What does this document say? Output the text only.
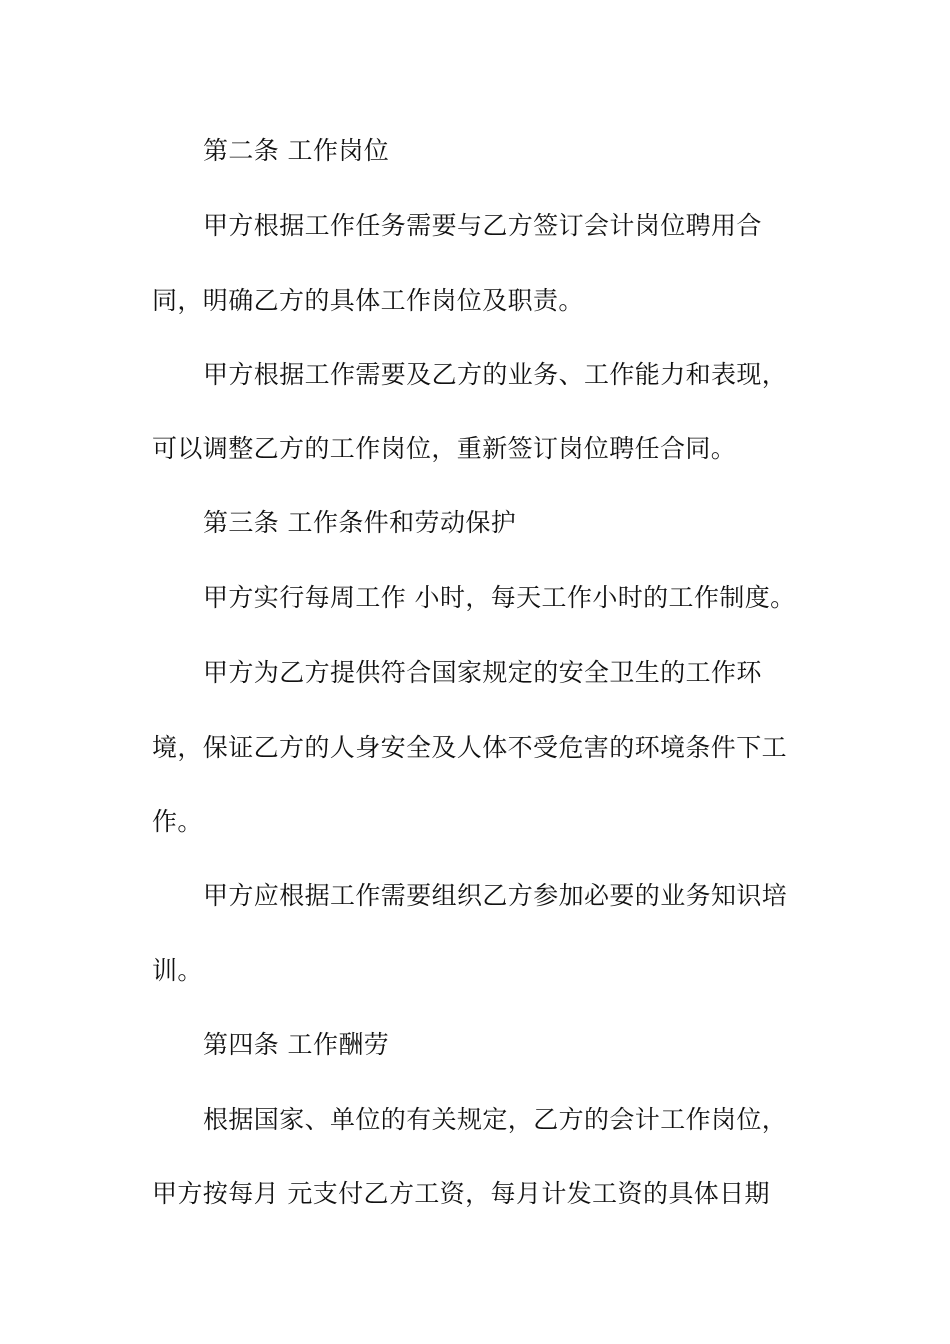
第二条 工作岗位
甲方根据工作任务需要与乙方签订会计岗位聘用合
同，明确乙方的具体工作岗位及职责。
甲方根据工作需要及乙方的业务、工作能力和表现，
可以调整乙方的工作岗位，重新签订岗位聘任合同。
第三条 工作条件和劳动保护
甲方实行每周工作 小时，每天工作小时的工作制度。
甲方为乙方提供符合国家规定的安全卫生的工作环
境，保证乙方的人身安全及人体不受危害的环境条件下工
作。
甲方应根据工作需要组织乙方参加必要的业务知识培
训。
第四条 工作酬劳
根据国家、单位的有关规定，乙方的会计工作岗位，
甲方按每月 元支付乙方工资，每月计发工资的具体日期
